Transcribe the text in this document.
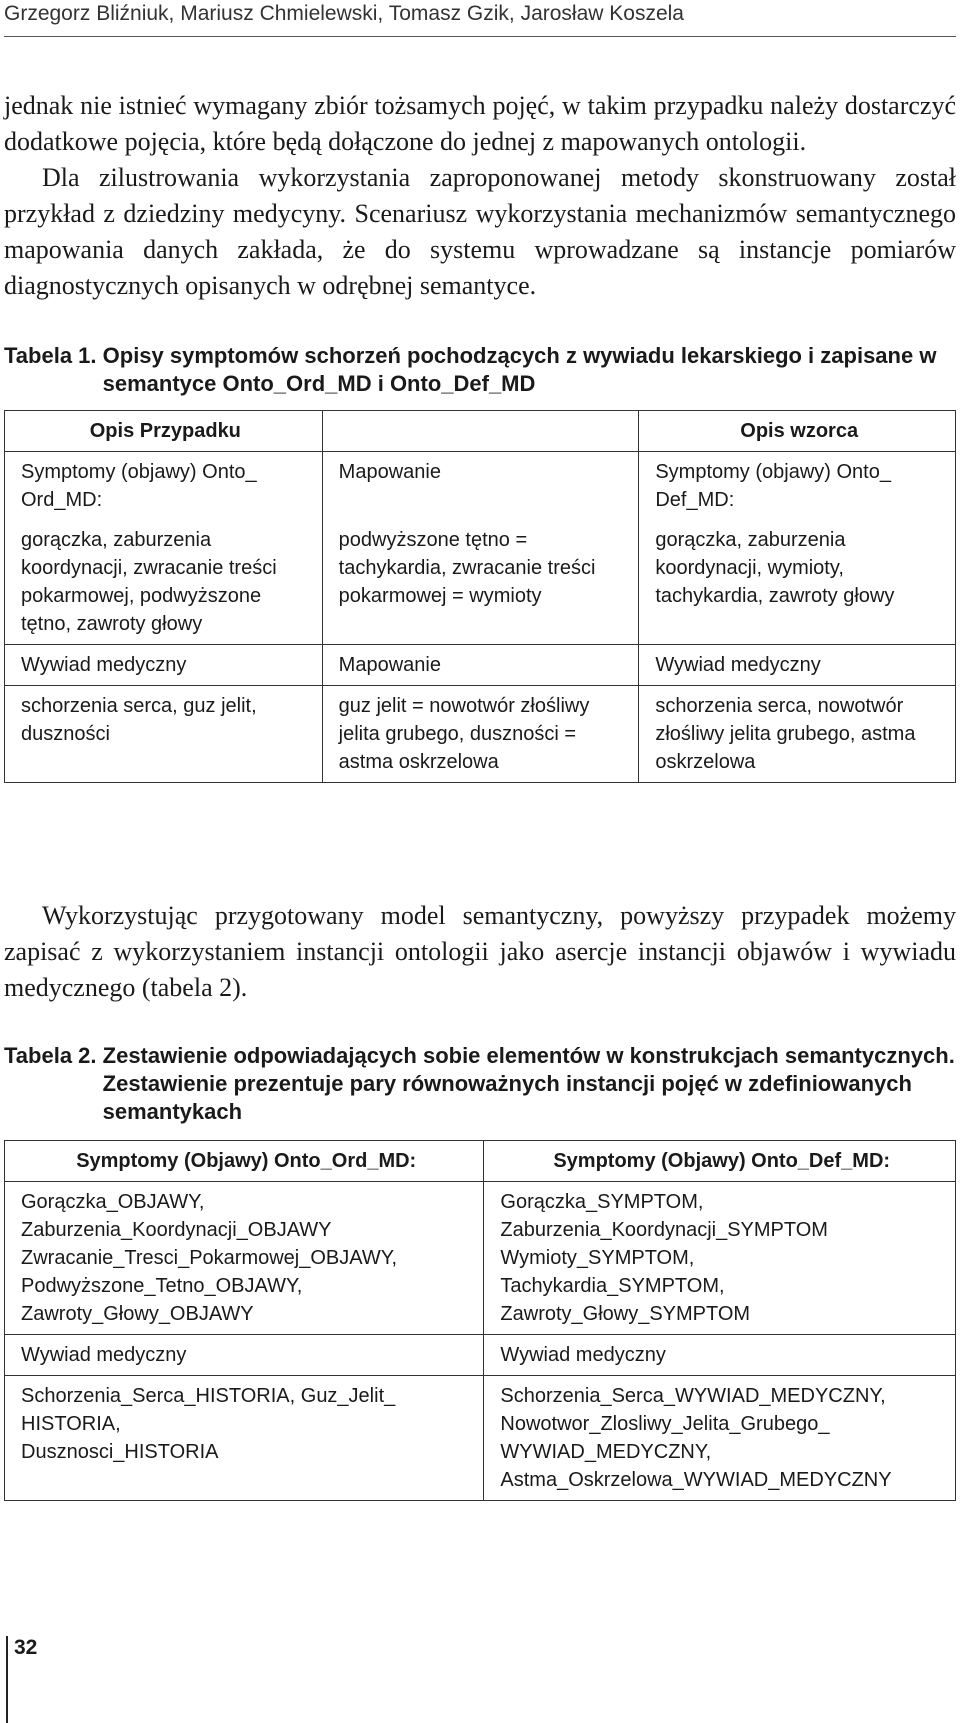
Grzegorz Bliźniuk, Mariusz Chmielewski, Tomasz Gzik, Jarosław Koszela

jednak nie istnieć wymagany zbiór tożsamych pojęć, w takim przypadku należy dostarczyć dodatkowe pojęcia, które będą dołączone do jednej z mapowanych ontologii.

Dla zilustrowania wykorzystania zaproponowanej metody skonstruowany został przykład z dziedziny medycyny. Scenariusz wykorzystania mechanizmów semantycznego mapowania danych zakłada, że do systemu wprowadzane są instancje pomiarów diagnostycznych opisanych w odrębnej semantyce.

Tabela 1. Opisy symptomów schorzeń pochodzących z wywiadu lekarskiego i zapisane w semantyce Onto_Ord_MD i Onto_Def_MD
Opis Przypadku		Opis wzorca
Symptomy (objawy) Onto_ Ord_MD:	Mapowanie	Symptomy (objawy) Onto_ Def_MD:
gorączka, zaburzenia koordynacji, zwracanie treści pokarmowej, podwyższone tętno, zawroty głowy	podwyższone tętno = tachykardia, zwracanie treści pokarmowej = wymioty	gorączka, zaburzenia koordynacji, wymioty, tachykardia, zawroty głowy
Wywiad medyczny	Mapowanie	Wywiad medyczny
schorzenia serca, guz jelit, duszności	guz jelit = nowotwór złośliwy jelita grubego, duszności = astma oskrzelowa	schorzenia serca, nowotwór złośliwy jelita grubego, astma oskrzelowa

Wykorzystując przygotowany model semantyczny, powyższy przypadek możemy zapisać z wykorzystaniem instancji ontologii jako asercje instancji objawów i wywiadu medycznego (tabela 2).

Tabela 2. Zestawienie odpowiadających sobie elementów w konstrukcjach semantycznych. Zestawienie prezentuje pary równoważnych instancji pojęć w zdefiniowanych semantykach
Symptomy (Objawy) Onto_Ord_MD:	Symptomy (Objawy) Onto_Def_MD:
Gorączka_OBJAWY,
Zaburzenia_Koordynacji_OBJAWY
Zwracanie_Tresci_Pokarmowej_OBJAWY,
Podwyższone_Tetno_OBJAWY,
Zawroty_Głowy_OBJAWY	Gorączka_SYMPTOM,
Zaburzenia_Koordynacji_SYMPTOM
Wymioty_SYMPTOM,
Tachykardia_SYMPTOM,
Zawroty_Głowy_SYMPTOM
Wywiad medyczny	Wywiad medyczny
Schorzenia_Serca_HISTORIA, Guz_Jelit_
HISTORIA,
Dusznosci_HISTORIA	Schorzenia_Serca_WYWIAD_MEDYCZNY,
Nowotwor_Zlosliwy_Jelita_Grubego_
WYWIAD_MEDYCZNY,
Astma_Oskrzelowa_WYWIAD_MEDYCZNY
32
